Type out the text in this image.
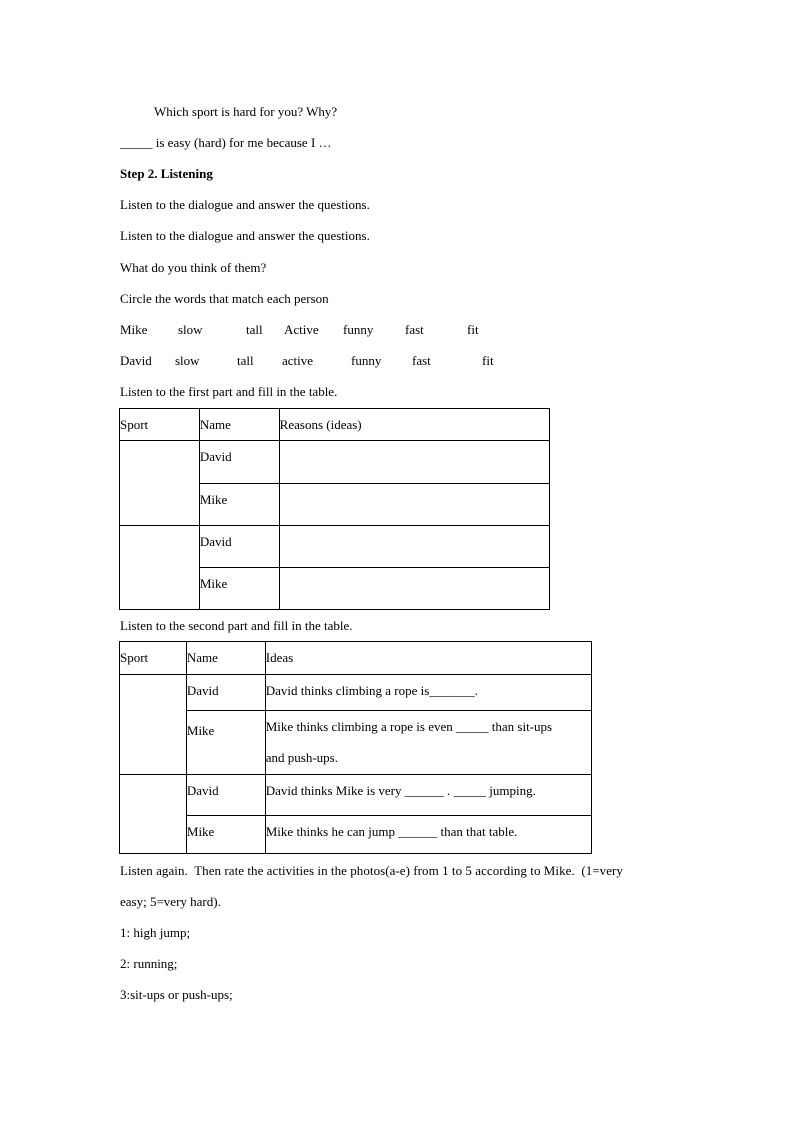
Which sport is hard for you? Why?
_____ is easy (hard) for me because I …
Step 2. Listening
Listen to the dialogue and answer the questions.
Listen to the dialogue and answer the questions.
What do you think of them?
Circle the words that match each person

Mike

slow

	tall

Active

funny

fast

	fit

David

slow

	tall

active

	funny

fast

	fit

Listen to the first part and fill in the table.
Sport	Name	Reasons (ideas)

	David	

	Mike	

	David	

	Mike	

Listen to the second part and fill in the table.
Sport	Name	Ideas

	David	David thinks climbing a rope is_______.

	Mike	Mike thinks climbing a rope is even _____ than sit-ups
and push-ups.

	David	David thinks Mike is very ______ . _____ jumping.

	Mike	Mike thinks he can jump ______ than that table.
Listen again.  Then rate the activities in the photos(a-e) from 1 to 5 according to Mike.  (1=very
easy; 5=very hard).
1: high jump;
2: running;
3:sit-ups or push-ups;
